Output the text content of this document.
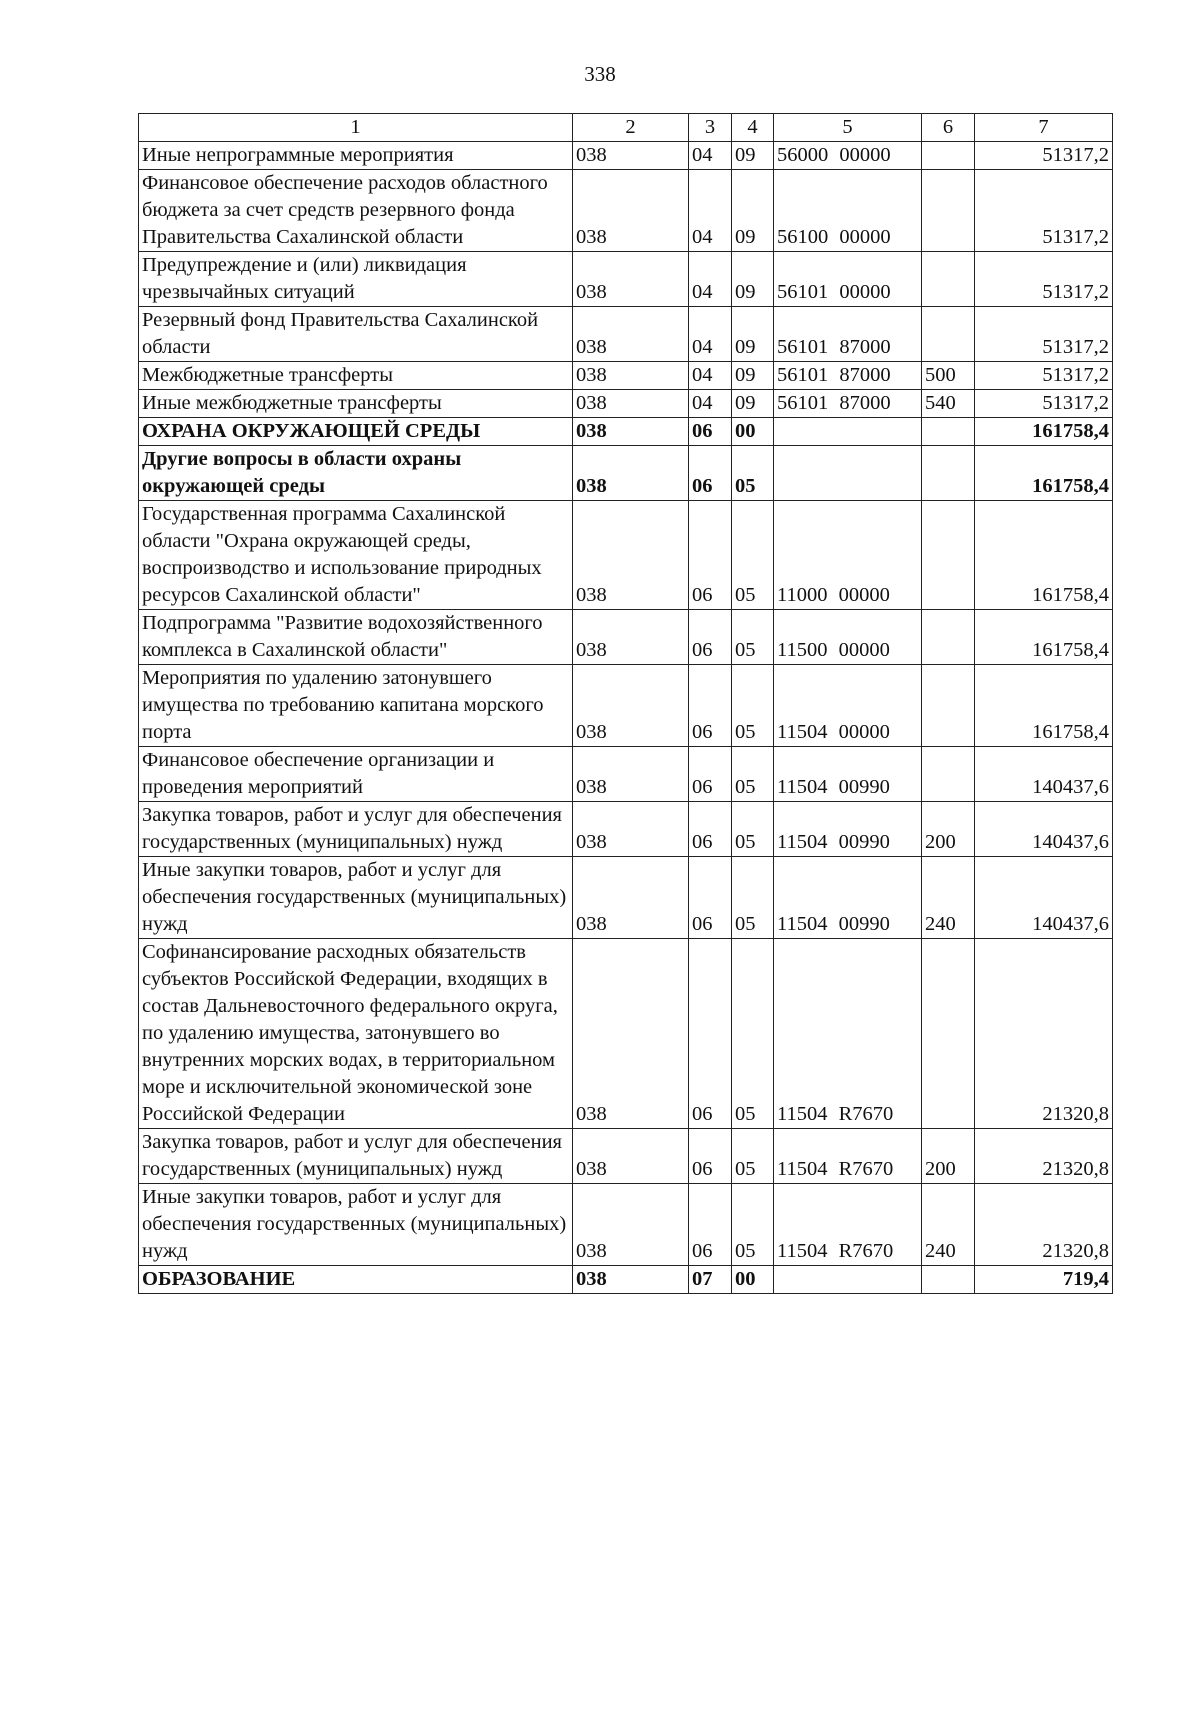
338
1	2	3	4	5	6	7
Иные непрограммные мероприятия	038	04	09	56000 00000		51317,2
Финансовое обеспечение расходов областного бюджета за счет средств резервного фонда Правительства Сахалинской области	038	04	09	56100 00000		51317,2
Предупреждение и (или) ликвидация чрезвычайных ситуаций	038	04	09	56101 00000		51317,2
Резервный фонд Правительства Сахалинской области	038	04	09	56101 87000		51317,2
Межбюджетные трансферты	038	04	09	56101 87000	500	51317,2
Иные межбюджетные трансферты	038	04	09	56101 87000	540	51317,2
ОХРАНА ОКРУЖАЮЩЕЙ СРЕДЫ	038	06	00			161758,4
Другие вопросы в области охраны окружающей среды	038	06	05			161758,4
Государственная программа Сахалинской области "Охрана окружающей среды, воспроизводство и использование природных ресурсов Сахалинской области"	038	06	05	11000 00000		161758,4
Подпрограмма "Развитие водохозяйственного комплекса в Сахалинской области"	038	06	05	11500 00000		161758,4
Мероприятия по удалению затонувшего имущества по требованию капитана морского порта	038	06	05	11504 00000		161758,4
Финансовое обеспечение организации и проведения мероприятий	038	06	05	11504 00990		140437,6
Закупка товаров, работ и услуг для обеспечения государственных (муниципальных) нужд	038	06	05	11504 00990	200	140437,6
Иные закупки товаров, работ и услуг для обеспечения государственных (муниципальных) нужд	038	06	05	11504 00990	240	140437,6
Софинансирование расходных обязательств субъектов Российской Федерации, входящих в состав Дальневосточного федерального округа, по удалению имущества, затонувшего во внутренних морских водах, в территориальном море и исключительной экономической зоне Российской Федерации	038	06	05	11504 R7670		21320,8
Закупка товаров, работ и услуг для обеспечения государственных (муниципальных) нужд	038	06	05	11504 R7670	200	21320,8
Иные закупки товаров, работ и услуг для обеспечения государственных (муниципальных) нужд	038	06	05	11504 R7670	240	21320,8
ОБРАЗОВАНИЕ	038	07	00			719,4
